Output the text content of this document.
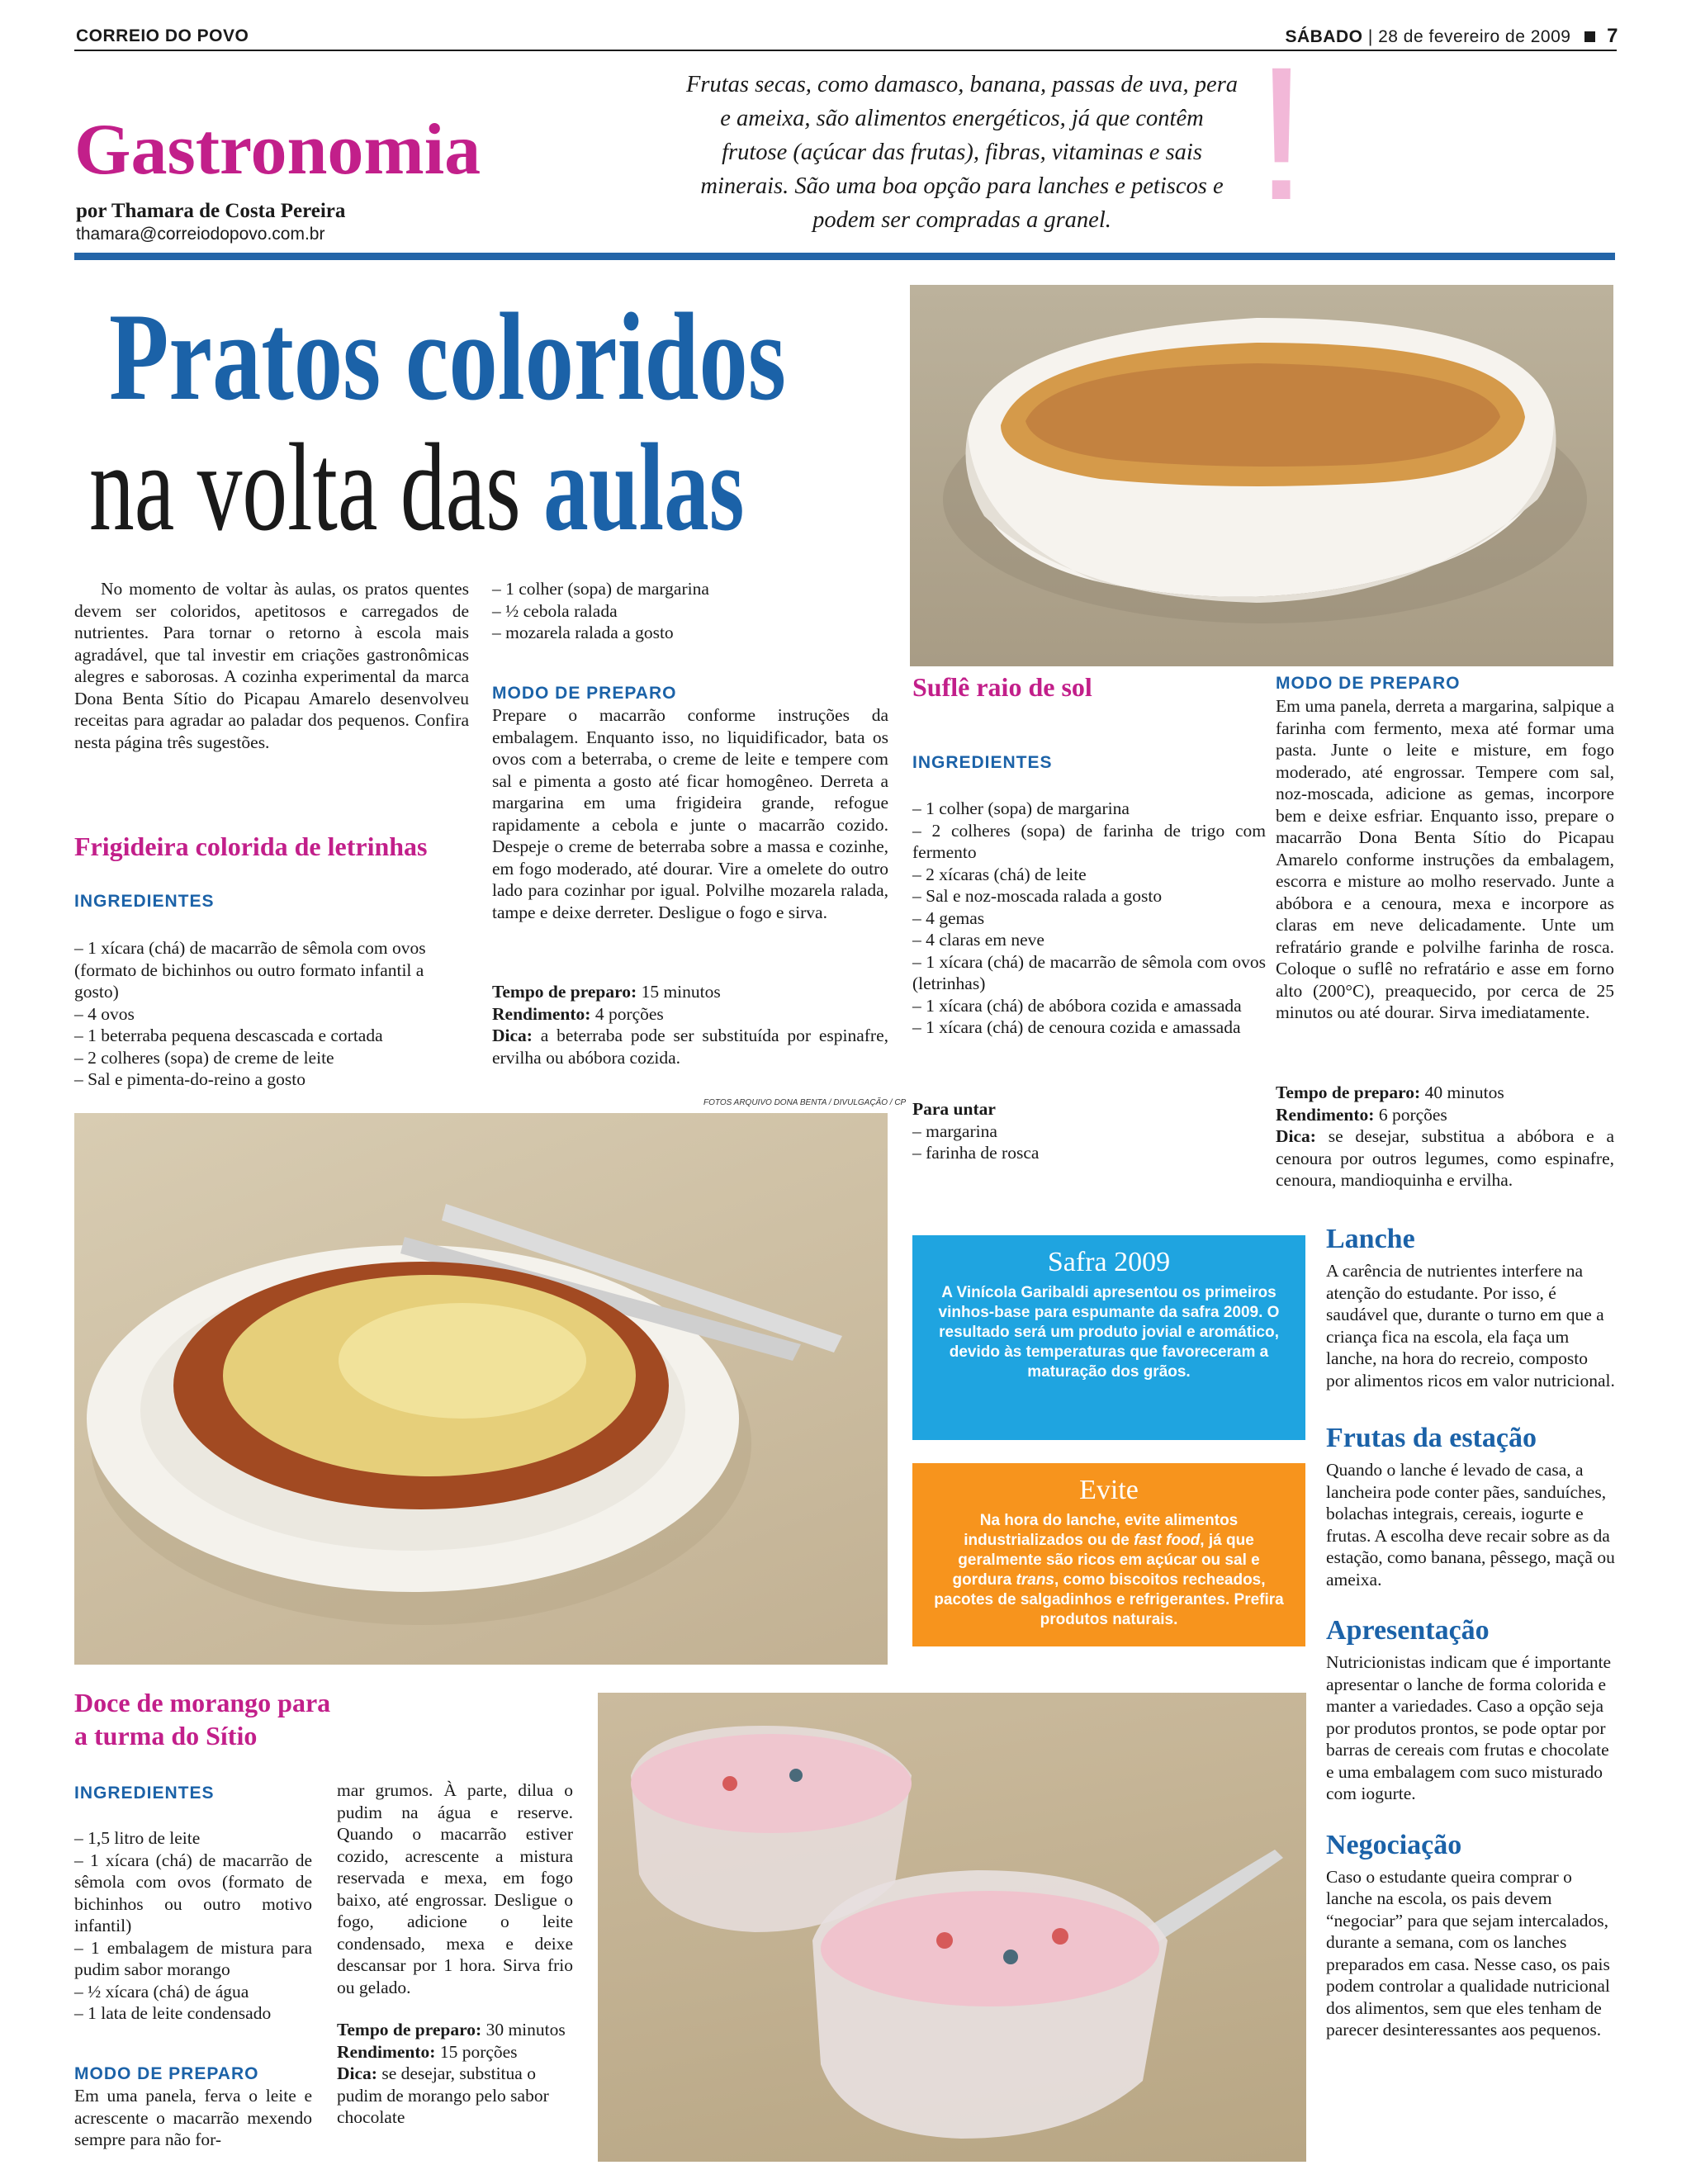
CORREIO DO POVO	SÁBADO | 28 de fevereiro de 2009 7
Gastronomia
por Thamara de Costa Pereira
thamara@correiodopovo.com.br
Frutas secas, como damasco, banana, passas de uva, pera e ameixa, são alimentos energéticos, já que contêm frutose (açúcar das frutas), fibras, vitaminas e sais minerais. São uma boa opção para lanches e petiscos e podem ser compradas a granel. !
Pratos coloridos
na volta das aulas
No momento de voltar às aulas, os pratos quentes devem ser coloridos, apetitosos e carregados de nutrientes. Para tornar o retorno à escola mais agradável, que tal investir em criações gastronômicas alegres e saborosas. A cozinha experimental da marca Dona Benta Sítio do Picapau Amarelo desenvolveu receitas para agradar ao paladar dos pequenos. Confira nesta página três sugestões.
Frigideira colorida de letrinhas
INGREDIENTES
– 1 xícara (chá) de macarrão de sêmola com ovos (formato de bichinhos ou outro formato infantil a gosto)
– 4 ovos
– 1 beterraba pequena descascada e cortada
– 2 colheres (sopa) de creme de leite
– Sal e pimenta-do-reino a gosto
– 1 colher (sopa) de margarina
– ½ cebola ralada
– mozarela ralada a gosto
MODO DE PREPARO
Prepare o macarrão conforme instruções da embalagem. Enquanto isso, no liquidificador, bata os ovos com a beterraba, o creme de leite e tempere com sal e pimenta a gosto até ficar homogêneo. Derreta a margarina em uma frigideira grande, refogue rapidamente a cebola e junte o macarrão cozido. Despeje o creme de beterraba sobre a massa e cozinhe, em fogo moderado, até dourar. Vire a omelete do outro lado para cozinhar por igual. Polvilhe mozarela ralada, tampe e deixe derreter. Desligue o fogo e sirva.

Tempo de preparo: 15 minutos

Rendimento: 4 porções

Dica: a beterraba pode ser substituída por espinafre, ervilha ou abóbora cozida.

FOTOS ARQUIVO DONA BENTA / DIVULGAÇÃO / CP
Suflê raio de sol
INGREDIENTES
– 1 colher (sopa) de margarina
– 2 colheres (sopa) de farinha de trigo com fermento
– 2 xícaras (chá) de leite
– Sal e noz-moscada ralada a gosto
– 4 gemas
– 4 claras em neve
– 1 xícara (chá) de macarrão de sêmola com ovos (letrinhas)
– 1 xícara (chá) de abóbora cozida e amassada
– 1 xícara (chá) de cenoura cozida e amassada
Para untar
– margarina
– farinha de rosca
MODO DE PREPARO
Em uma panela, derreta a margarina, salpique a farinha com fermento, mexa até formar uma pasta. Junte o leite e misture, em fogo moderado, até engrossar. Tempere com sal, noz-moscada, adicione as gemas, incorpore bem e deixe esfriar. Enquanto isso, prepare o macarrão Dona Benta Sítio do Picapau Amarelo conforme instruções da embalagem, escorra e misture ao molho reservado. Junte a abóbora e a cenoura, mexa e incorpore as claras em neve delicadamente. Unte um refratário grande e polvilhe farinha de rosca. Coloque o suflê no refratário e asse em forno alto (200°C), preaquecido, por cerca de 25 minutos ou até dourar. Sirva imediatamente.

Tempo de preparo: 40 minutos

Rendimento: 6 porções

Dica: se desejar, substitua a abóbora e a cenoura por outros legumes, como espinafre, cenoura, mandioquinha e ervilha.

Safra 2009
A Vinícola Garibaldi apresentou os primeiros vinhos-base para espumante da safra 2009. O resultado será um produto jovial e aromático, devido às temperaturas que favoreceram a maturação dos grãos.
Evite
Na hora do lanche, evite alimentos industrializados ou de fast food, já que geralmente são ricos em açúcar ou sal e gordura trans, como biscoitos recheados, pacotes de salgadinhos e refrigerantes. Prefira produtos naturais.
Lanche
A carência de nutrientes interfere na atenção do estudante. Por isso, é saudável que, durante o turno em que a criança fica na escola, ela faça um lanche, na hora do recreio, composto por alimentos ricos em valor nutricional.
Frutas da estação
Quando o lanche é levado de casa, a lancheira pode conter pães, sanduíches, bolachas integrais, cereais, iogurte e frutas. A escolha deve recair sobre as da estação, como banana, pêssego, maçã ou ameixa.
Apresentação
Nutricionistas indicam que é importante apresentar o lanche de forma colorida e manter a variedades. Caso a opção seja por produtos prontos, se pode optar por barras de cereais com frutas e chocolate e uma embalagem com suco misturado com iogurte.
Negociação
Caso o estudante queira comprar o lanche na escola, os pais devem “negociar” para que sejam intercalados, durante a semana, com os lanches preparados em casa. Nesse caso, os pais podem controlar a qualidade nutricional dos alimentos, sem que eles tenham de parecer desinteressantes aos pequenos.
Doce de morango para
a turma do Sítio
INGREDIENTES
– 1,5 litro de leite
– 1 xícara (chá) de macarrão de sêmola com ovos (formato de bichinhos ou outro motivo infantil)
– 1 embalagem de mistura para pudim sabor morango
– ½ xícara (chá) de água
– 1 lata de leite condensado
MODO DE PREPARO
Em uma panela, ferva o leite e acrescente o macarrão mexendo sempre para não for-
mar grumos. À parte, dilua o pudim na água e reserve. Quando o macarrão estiver cozido, acrescente a mistura reservada e mexa, em fogo baixo, até engrossar. Desligue o fogo, adicione o leite condensado, mexa e deixe descansar por 1 hora. Sirva frio ou gelado.

Tempo de preparo: 30 minutos

Rendimento: 15 porções

Dica: se desejar, substitua o pudim de morango pelo sabor chocolate
